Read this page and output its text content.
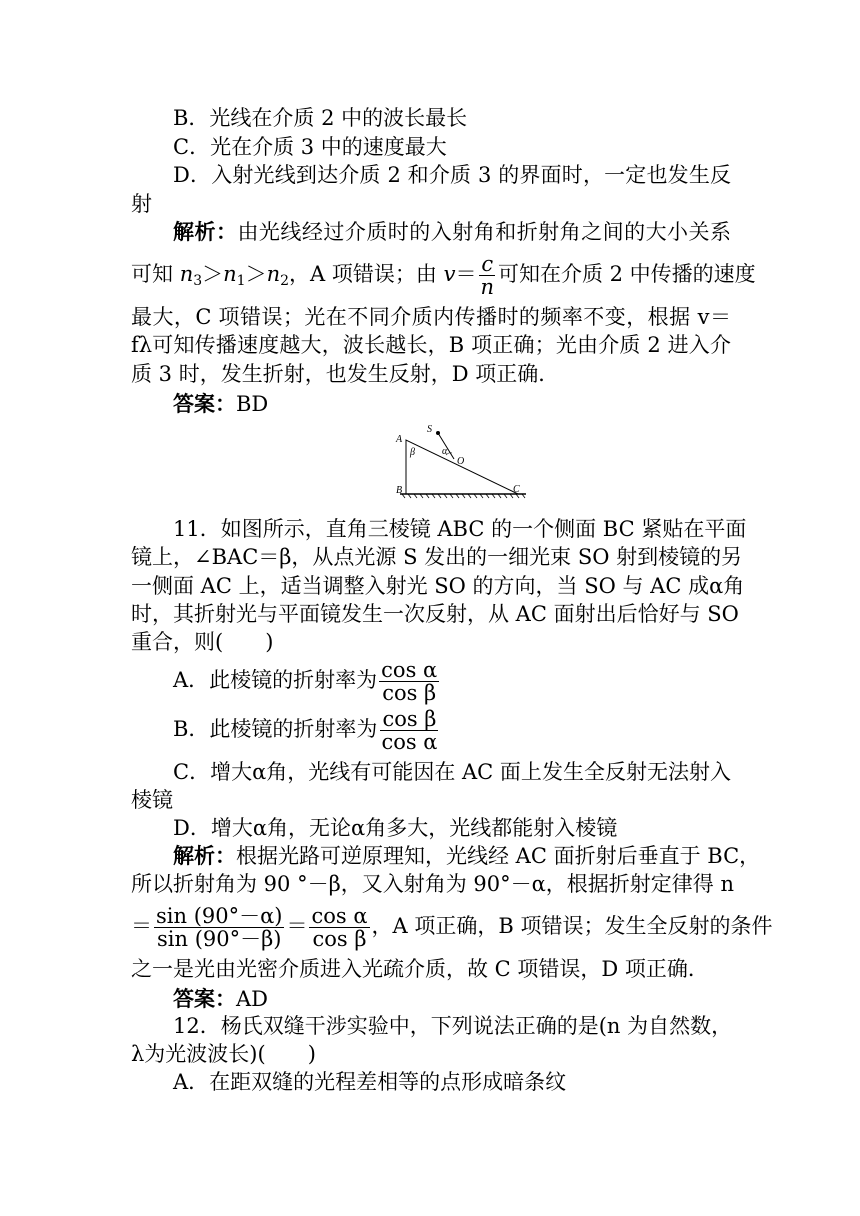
B．光线在介质 2 中的波长最长
C．光在介质 3 中的速度最大
D．入射光线到达介质 2 和介质 3 的界面时，一定也发生反
射
解析：由光线经过介质时的入射角和折射角之间的大小关系
可知 $n_3>n_1>n_2$，A 项错误；由 $v= \frac{c}{n}$ 可知在介质 2 中传播的速度
最大，C 项错误；光在不同介质内传播时的频率不变，根据 v＝
fλ可知传播速度越大，波长越长，B 项正确；光由介质 2 进入介
质 3 时，发生折射，也发生反射，D 项正确．
答案：BD
S
A
β	α
O
B	C
11．如图所示，直角三棱镜 ABC 的一个侧面 BC 紧贴在平面
镜上，∠BAC＝β，从点光源 S 发出的一细光束 SO 射到棱镜的另
一侧面 AC 上，适当调整入射光 SO 的方向，当 SO 与 AC 成α角
时，其折射光与平面镜发生一次反射，从 AC 面射出后恰好与 SO
重合，则(　　)
A．此棱镜的折射率为 $\frac{\text{cos α}}{\text{cos β}}$
B．此棱镜的折射率为 $\frac{\text{cos β}}{\text{cos α}}$
C．增大α角，光线有可能因在 AC 面上发生全反射无法射入
棱镜
D．增大α角，无论α角多大，光线都能射入棱镜
解析：根据光路可逆原理知，光线经 AC 面折射后垂直于 BC，
所以折射角为 90 °－β，又入射角为 90°－α，根据折射定律得 n
＝ $\frac{\sin (90^\circ-\alpha)}{\sin (90^\circ-\beta)} = \frac{\text{cos α}}{\text{cos β}}$ ，A 项正确，B 项错误；发生全反射的条件
之一是光由光密介质进入光疏介质，故 C 项错误，D 项正确．
答案：AD
12．杨氏双缝干涉实验中，下列说法正确的是(n 为自然数，
λ为光波波长)(　　)
A．在距双缝的光程差相等的点形成暗条纹
